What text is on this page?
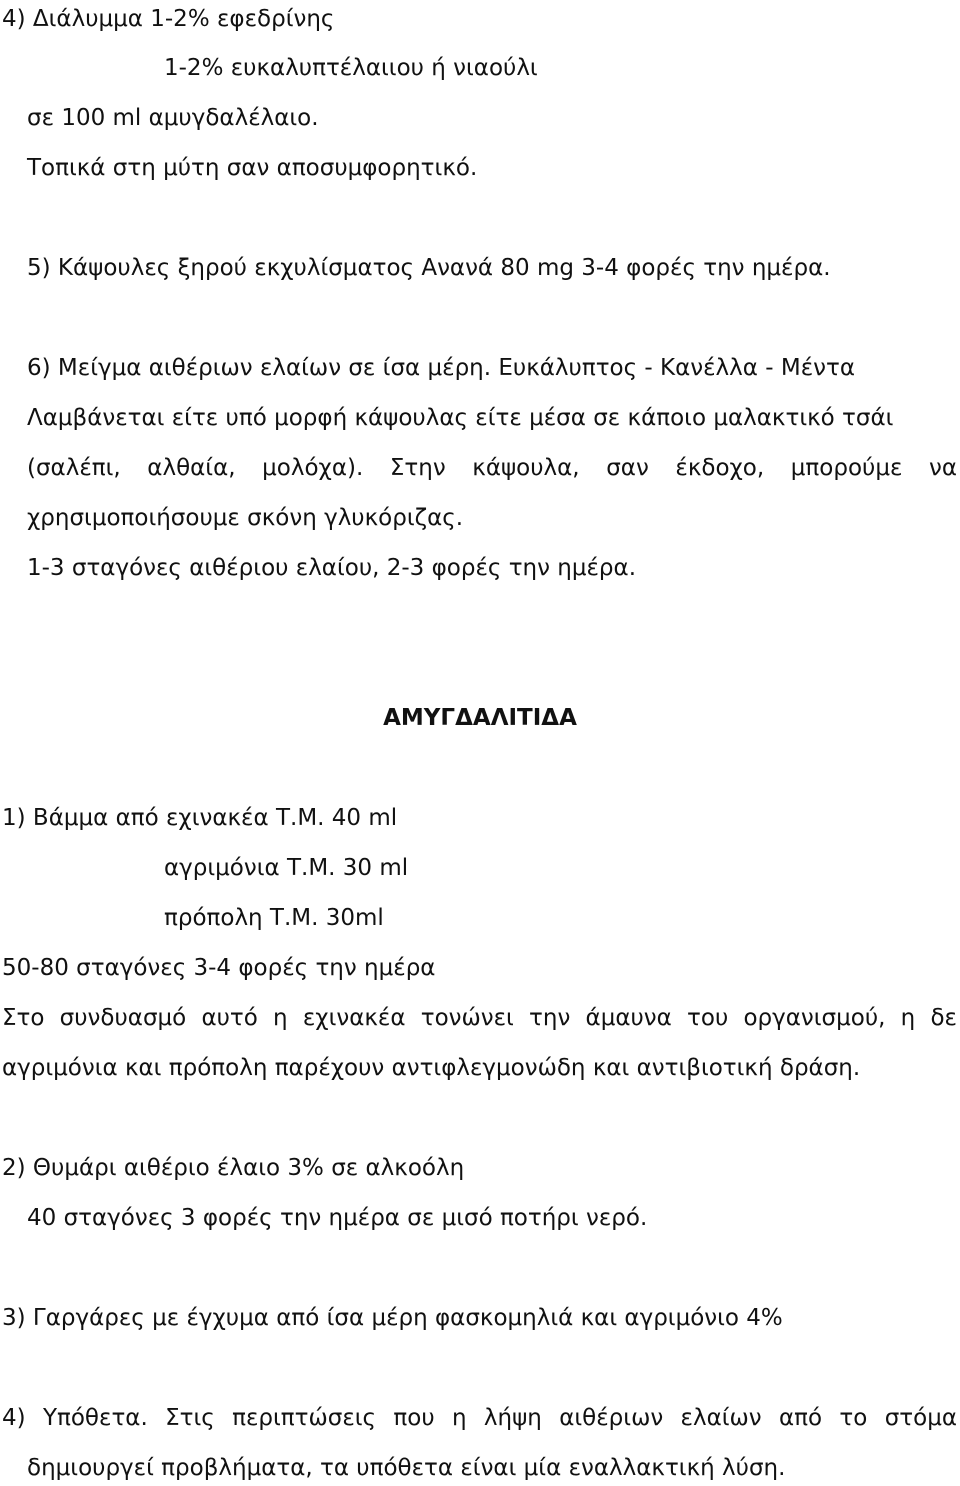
4) Διάλυμμα 1-2% εφεδρίνης
1-2% ευκαλυπτέλαιιου ή νιαούλι
σε 100 ml αμυγδαλέλαιο.
Τοπικά στη μύτη σαν αποσυμφορητικό.
5) Κάψουλες ξηρού εκχυλίσματος Ανανά 80 mg 3-4 φορές την ημέρα.
6) Μείγμα αιθέριων ελαίων σε ίσα μέρη. Ευκάλυπτος - Κανέλλα - Μέντα
Λαμβάνεται είτε υπό μορφή κάψουλας είτε μέσα σε κάποιο μαλακτικό τσάι
(σαλέπι, αλθαία, μολόχα). Στην κάψουλα, σαν έκδοχο, μπορούμε να
χρησιμοποιήσουμε σκόνη γλυκόριζας.
1-3 σταγόνες αιθέριου ελαίου, 2-3 φορές την ημέρα.
ΑΜΥΓΔΑΛΙΤΙΔΑ
1) Βάμμα από εχινακέα Τ.Μ. 40 ml
αγριμόνια Τ.Μ. 30 ml
πρόπολη Τ.Μ. 30ml
50-80 σταγόνες 3-4 φορές την ημέρα
Στο συνδυασμό αυτό η εχινακέα τονώνει την άμαυνα του οργανισμού, η δε
αγριμόνια και πρόπολη παρέχουν αντιφλεγμονώδη και αντιβιοτική δράση.
2) Θυμάρι αιθέριο έλαιο 3% σε αλκοόλη
40 σταγόνες 3 φορές την ημέρα σε μισό ποτήρι νερό.
3) Γαργάρες με έγχυμα από ίσα μέρη φασκομηλιά και αγριμόνιο 4%
4) Υπόθετα. Στις περιπτώσεις που η λήψη αιθέριων ελαίων από το στόμα
δημιουργεί προβλήματα, τα υπόθετα είναι μία εναλλακτική λύση.
